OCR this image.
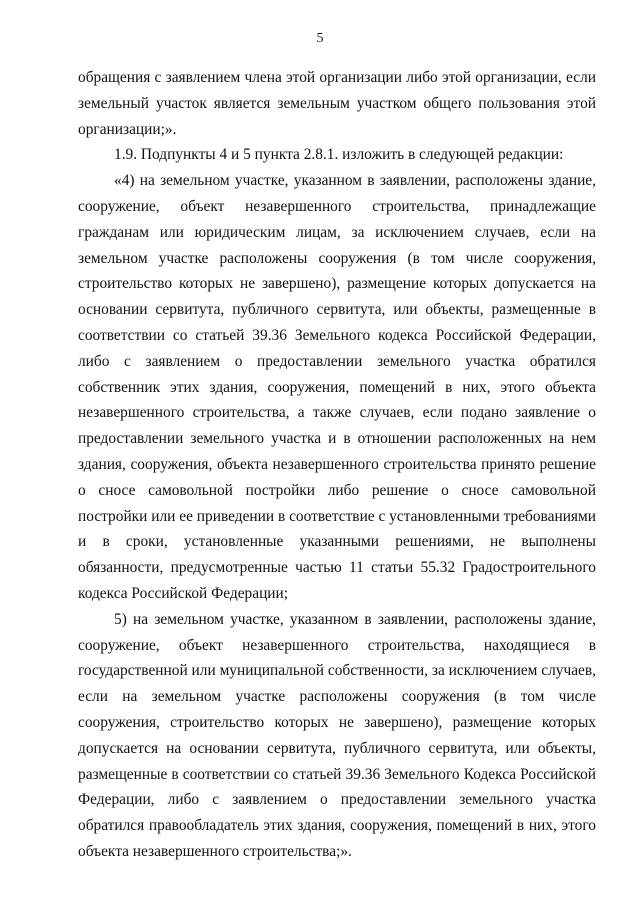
5

обращения с заявлением члена этой организации либо этой организации, если земельный участок является земельным участком общего пользования этой организации;».

1.9. Подпункты 4 и 5 пункта 2.8.1. изложить в следующей редакции:

«4) на земельном участке, указанном в заявлении, расположены здание, сооружение, объект незавершенного строительства, принадлежащие гражданам или юридическим лицам, за исключением случаев, если на земельном участке расположены сооружения (в том числе сооружения, строительство которых не завершено), размещение которых допускается на основании сервитута, публичного сервитута, или объекты, размещенные в соответствии со статьей 39.36 Земельного кодекса Российской Федерации, либо с заявлением о предоставлении земельного участка обратился собственник этих здания, сооружения, помещений в них, этого объекта незавершенного строительства, а также случаев, если подано заявление о предоставлении земельного участка и в отношении расположенных на нем здания, сооружения, объекта незавершенного строительства принято решение о сносе самовольной постройки либо решение о сносе самовольной постройки или ее приведении в соответствие с установленными требованиями и в сроки, установленные указанными решениями, не выполнены обязанности, предусмотренные частью 11 статьи 55.32 Градостроительного кодекса Российской Федерации;

5) на земельном участке, указанном в заявлении, расположены здание, сооружение, объект незавершенного строительства, находящиеся в государственной или муниципальной собственности, за исключением случаев, если на земельном участке расположены сооружения (в том числе сооружения, строительство которых не завершено), размещение которых допускается на основании сервитута, публичного сервитута, или объекты, размещенные в соответствии со статьей 39.36 Земельного Кодекса Российской Федерации, либо с заявлением о предоставлении земельного участка обратился правообладатель этих здания, сооружения, помещений в них, этого объекта незавершенного строительства;».
